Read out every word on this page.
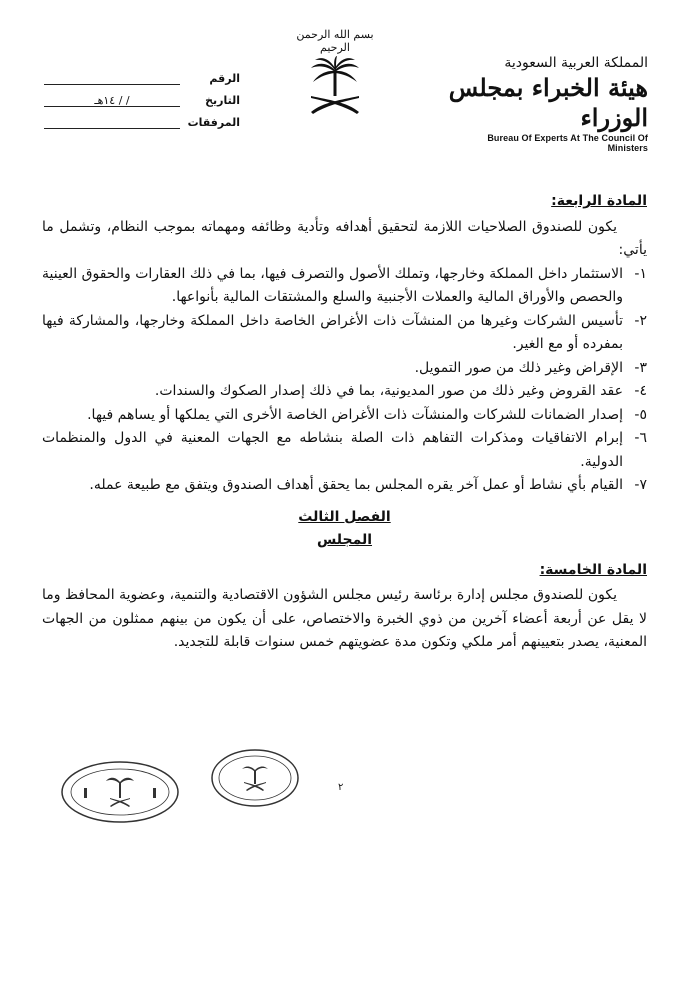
المملكة العربية السعودية
هيئة الخبراء بمجلس الوزراء
Bureau Of Experts At The Council Of Ministers
بسم الله الرحمن الرحيم
الرقم
التاريخ
/ / ١٤هـ
المرفقات
المادة الرابعة:
يكون للصندوق الصلاحيات اللازمة لتحقيق أهدافه وتأدية وظائفه ومهماته بموجب النظام، وتشمل ما يأتي:
١-
الاستثمار داخل المملكة وخارجها، وتملك الأصول والتصرف فيها، بما في ذلك العقارات والحقوق العينية والحصص والأوراق المالية والعملات الأجنبية والسلع والمشتقات المالية بأنواعها.
٢-
تأسيس الشركات وغيرها من المنشآت ذات الأغراض الخاصة داخل المملكة وخارجها، والمشاركة فيها بمفرده أو مع الغير.
٣-
الإقراض وغير ذلك من صور التمويل.
٤-
عقد القروض وغير ذلك من صور المديونية، بما في ذلك إصدار الصكوك والسندات.
٥-
إصدار الضمانات للشركات والمنشآت ذات الأغراض الخاصة الأخرى التي يملكها أو يساهم فيها.
٦-
إبرام الاتفاقيات ومذكرات التفاهم ذات الصلة بنشاطه مع الجهات المعنية في الدول والمنظمات الدولية.
٧-
القيام بأي نشاط أو عمل آخر يقره المجلس بما يحقق أهداف الصندوق ويتفق مع طبيعة عمله.
الفصل الثالث
المجلس
المادة الخامسة:
يكون للصندوق مجلس إدارة برئاسة رئيس مجلس الشؤون الاقتصادية والتنمية، وعضوية المحافظ وما لا يقل عن أربعة أعضاء آخرين من ذوي الخبرة والاختصاص، على أن يكون من بينهم ممثلون من الجهات المعنية، يصدر بتعيينهم أمر ملكي وتكون مدة عضويتهم خمس سنوات قابلة للتجديد.
٢
